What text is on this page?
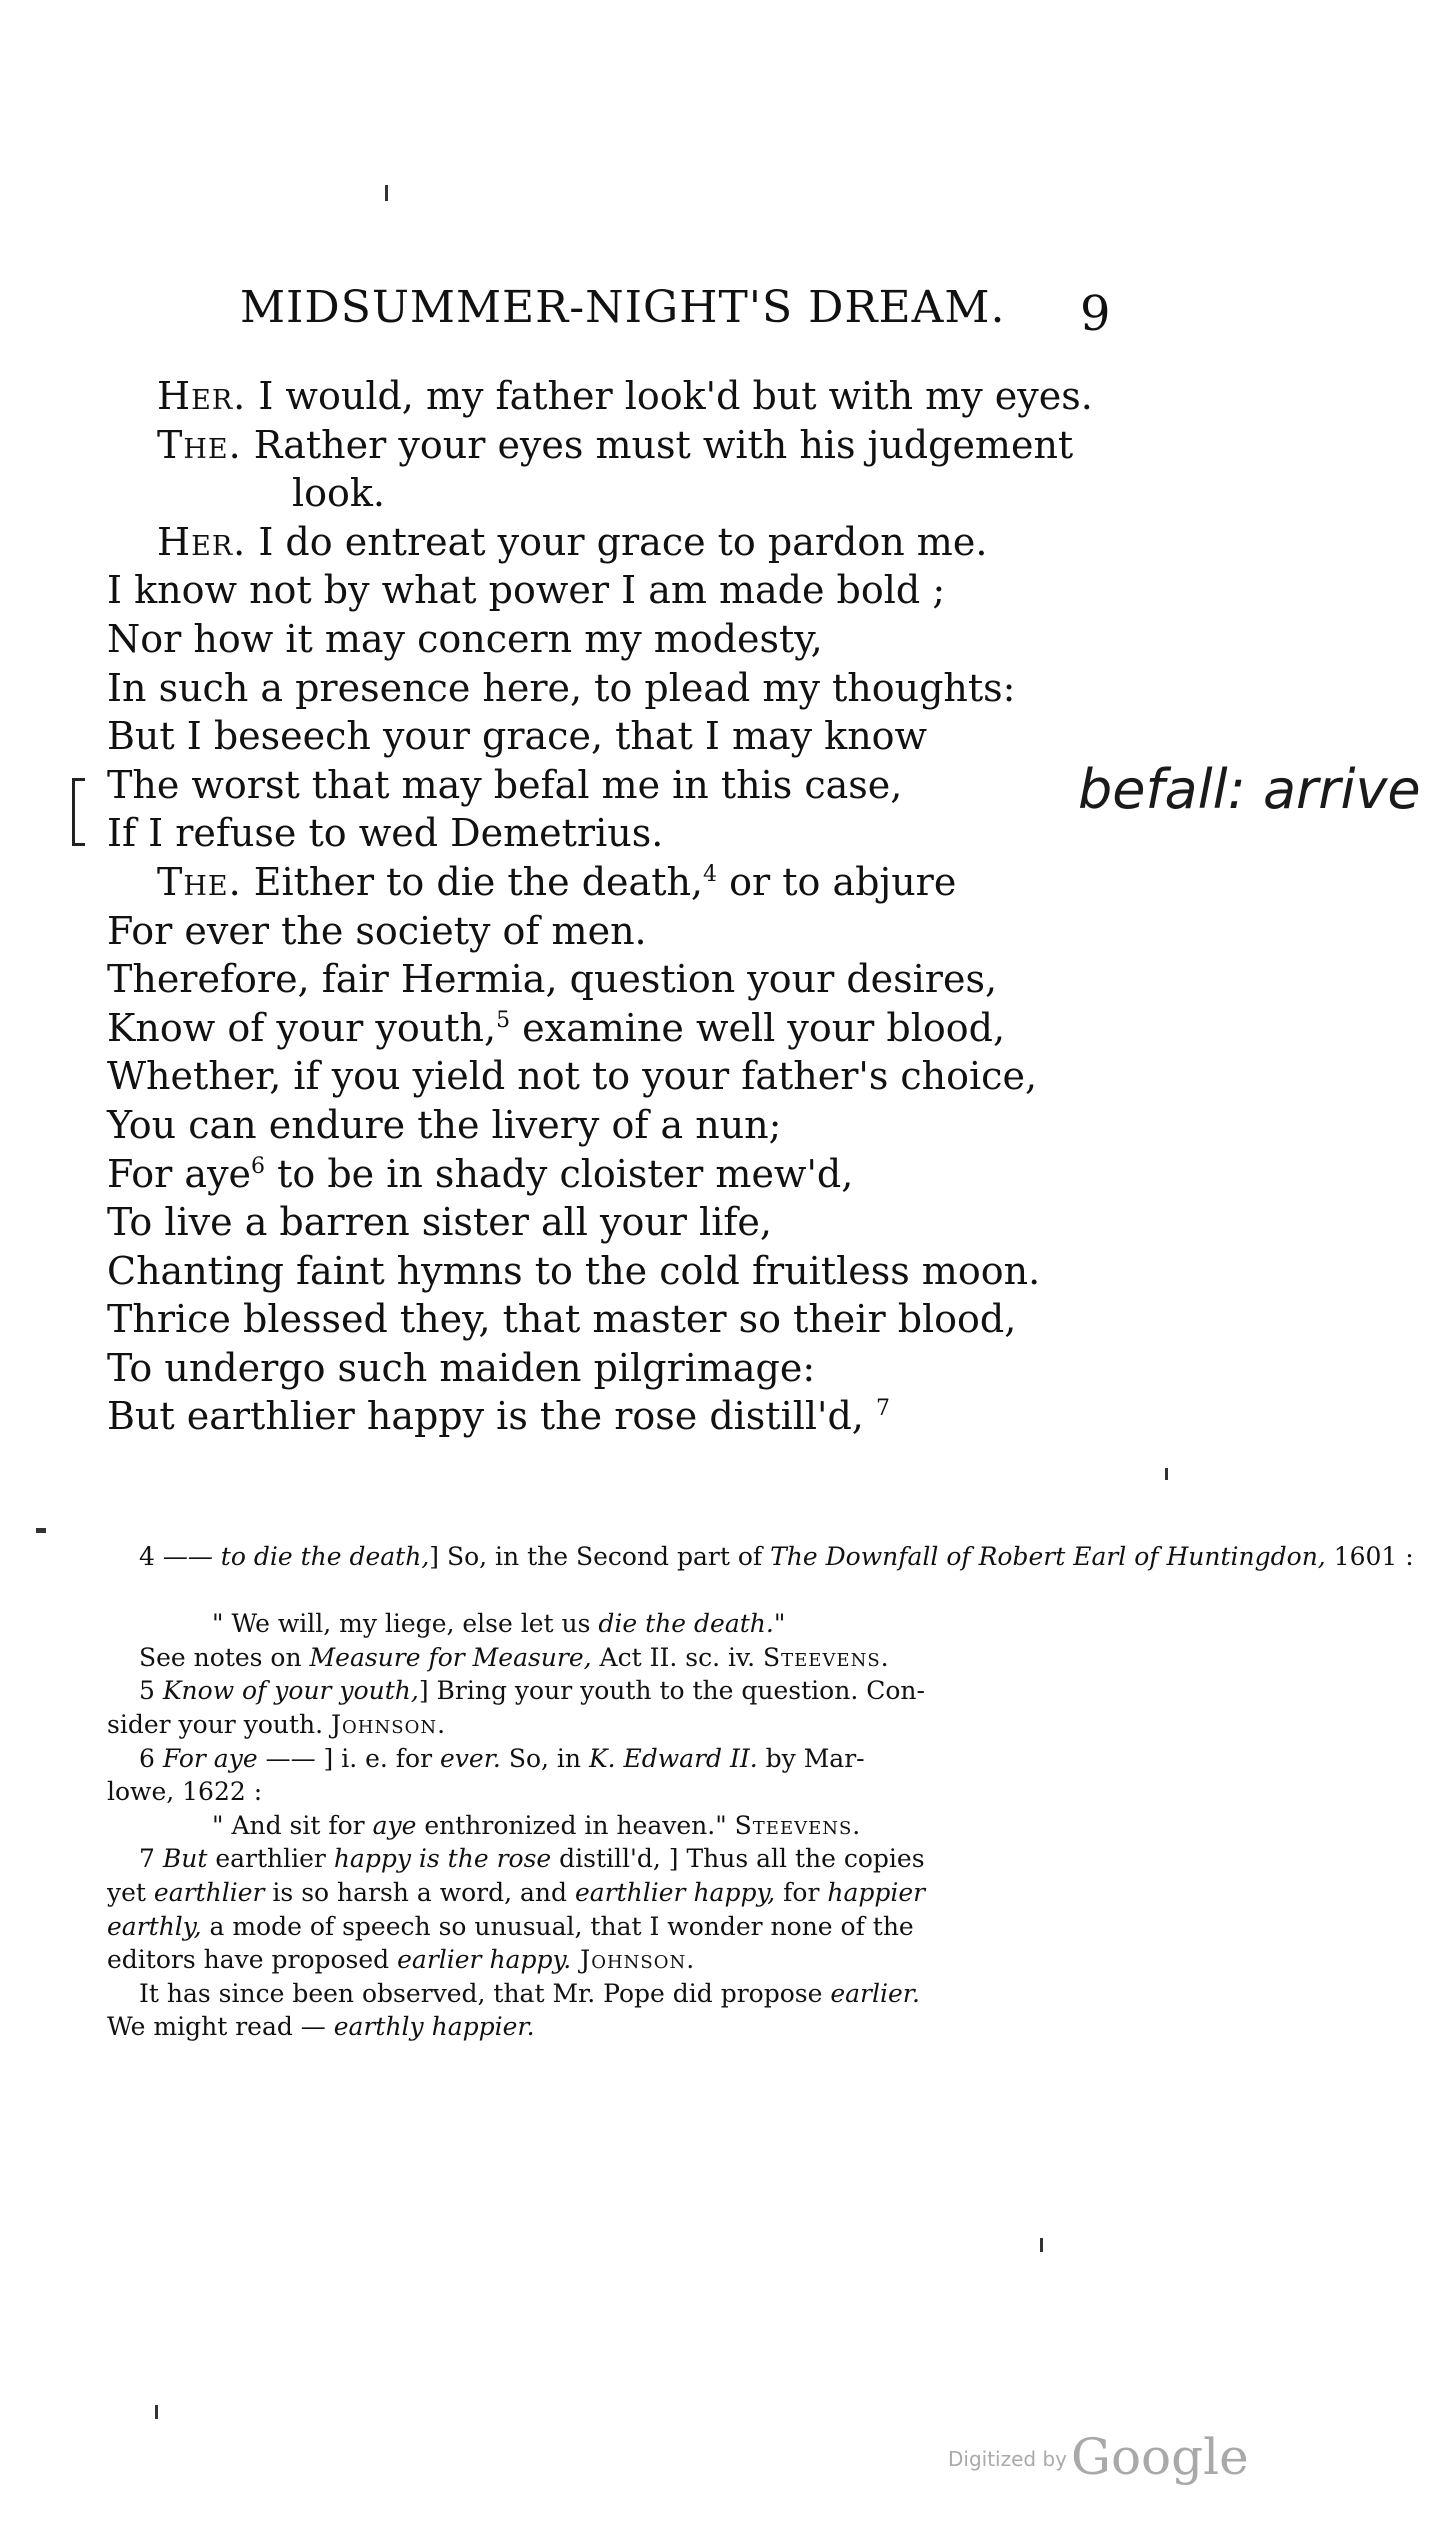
MIDSUMMER-NIGHT'S DREAM. 9
Her. I would, my father look'd but with my eyes.
The. Rather your eyes must with his judgement
look.
Her. I do entreat your grace to pardon me.
I know not by what power I am made bold ;
Nor how it may concern my modesty,
In such a presence here, to plead my thoughts:
But I beseech your grace, that I may know
The worst that may befal me in this case,
If I refuse to wed Demetrius.
The. Either to die the death,$^4$ or to abjure
For ever the society of men.
Therefore, fair Hermia, question your desires,
Know of your youth,$^5$ examine well your blood,
Whether, if you yield not to your father's choice,
You can endure the livery of a nun;
For aye$^6$ to be in shady cloister mew'd,
To live a barren sister all your life,
Chanting faint hymns to the cold fruitless moon.
Thrice blessed they, that master so their blood,
To undergo such maiden pilgrimage:
But earthlier happy is the rose distill'd, $^7$
befall: arrive
4 —— to die the death,] So, in the Second part of The Downfall of Robert Earl of Huntingdon, 1601 :
" We will, my liege, else let us die the death."
See notes on Measure for Measure, Act II. sc. iv. Steevens.
5 Know of your youth,] Bring your youth to the question. Con-
sider your youth. Johnson.
6 For aye —— ] i. e. for ever. So, in K. Edward II. by Mar-
lowe, 1622 :
" And sit for aye enthronized in heaven." Steevens.
7 But earthlier happy is the rose distill'd, ] Thus all the copies
yet earthlier is so harsh a word, and earthlier happy, for happier
earthly, a mode of speech so unusual, that I wonder none of the
editors have proposed earlier happy. Johnson.
It has since been observed, that Mr. Pope did propose earlier.
We might read — earthly happier.
Digitized byGoogle
